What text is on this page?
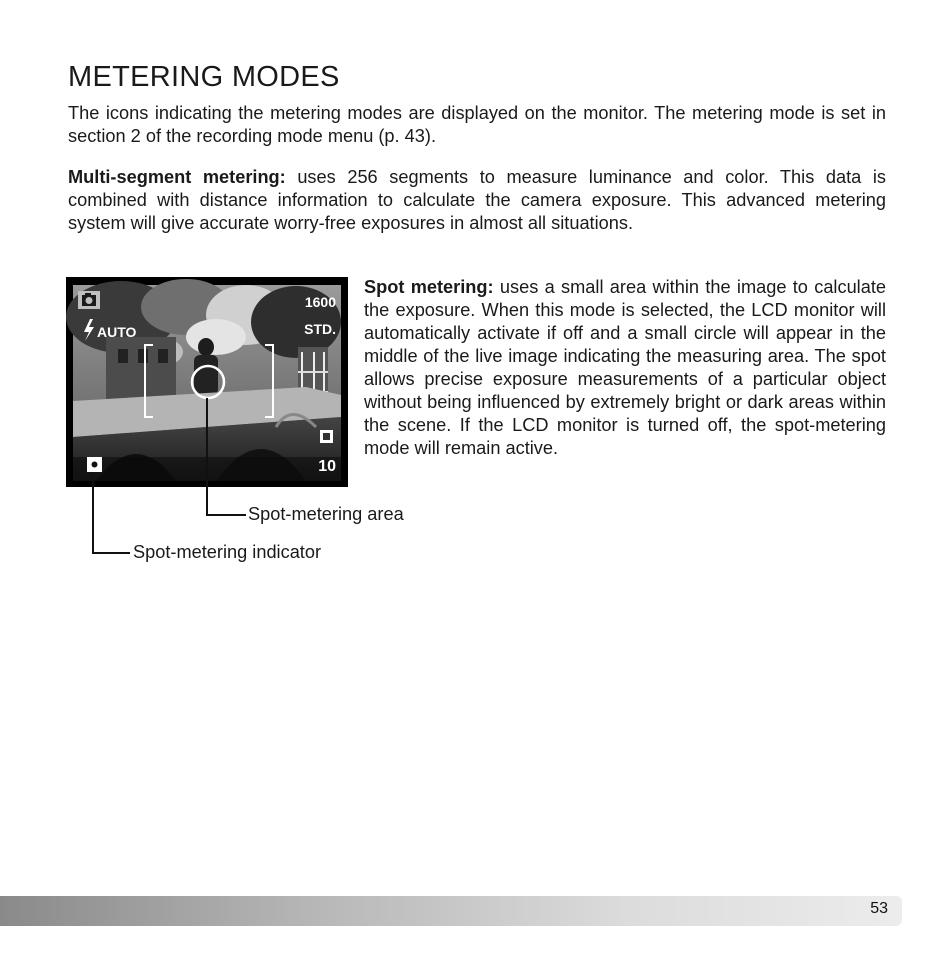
METERING MODES

The icons indicating the metering modes are displayed on the monitor. The metering mode is set in section 2 of the recording mode menu (p. 43).

Multi-segment metering: uses 256 segments to measure luminance and color. This data is combined with distance information to calculate the camera exposure. This advanced metering system will give accurate worry-free exposures in almost all situations.

AUTO
1600
STD.
10
Spot-metering area
Spot-metering indicator

Spot metering: uses a small area within the image to calculate the exposure. When this mode is selected, the LCD monitor will automatically activate if off and a small circle will appear in the middle of the live image indicating the measuring area. The spot allows precise exposure measurements of a particular object without being influenced by extremely bright or dark areas within the scene. If the LCD monitor is turned off, the spot-metering mode will remain active.

53
